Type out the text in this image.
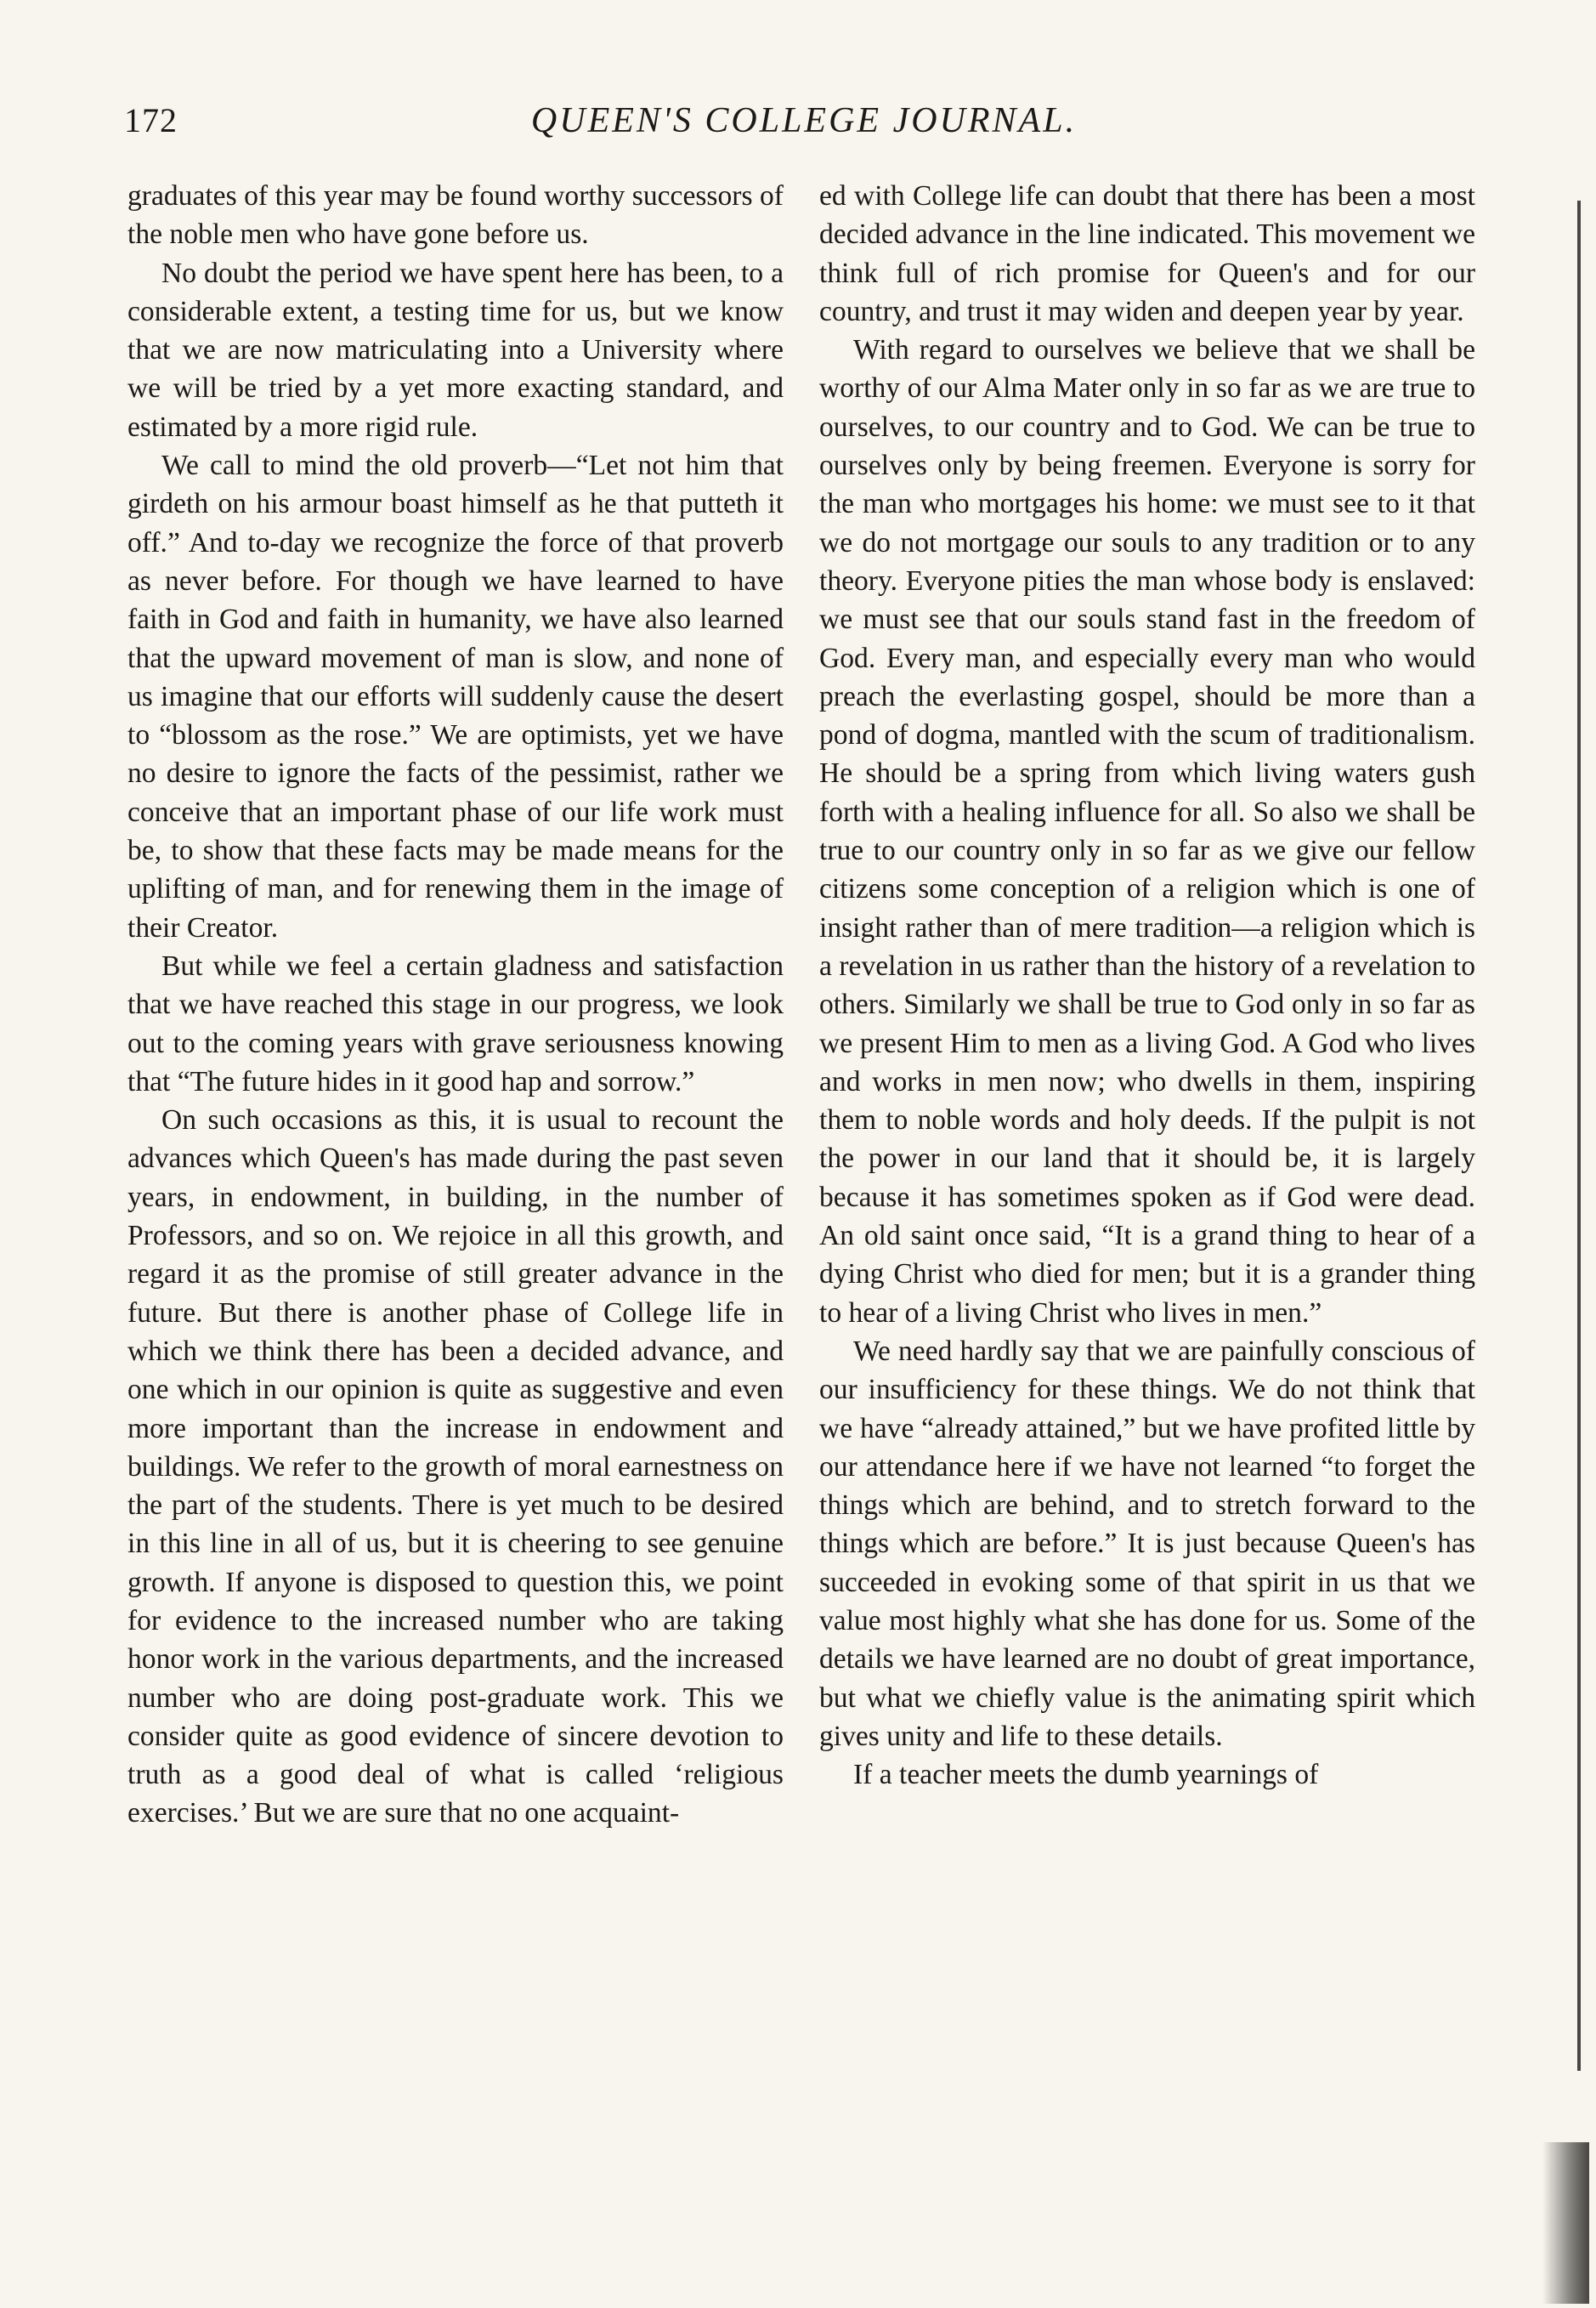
172	QUEEN'S COLLEGE JOURNAL.

graduates of this year may be found worthy successors of the noble men who have gone before us.

No doubt the period we have spent here has been, to a considerable extent, a testing time for us, but we know that we are now matriculating into a University where we will be tried by a yet more exacting standard, and estimated by a more rigid rule.

We call to mind the old proverb—“Let not him that girdeth on his armour boast himself as he that putteth it off.” And to-day we recognize the force of that proverb as never before. For though we have learned to have faith in God and faith in humanity, we have also learned that the upward movement of man is slow, and none of us imagine that our efforts will suddenly cause the desert to “blossom as the rose.” We are optimists, yet we have no desire to ignore the facts of the pessimist, rather we conceive that an important phase of our life work must be, to show that these facts may be made means for the uplifting of man, and for renewing them in the image of their Creator.

But while we feel a certain gladness and satisfaction that we have reached this stage in our progress, we look out to the coming years with grave seriousness knowing that “The future hides in it good hap and sorrow.”

On such occasions as this, it is usual to recount the advances which Queen's has made during the past seven years, in endowment, in building, in the number of Professors, and so on. We rejoice in all this growth, and regard it as the promise of still greater advance in the future. But there is another phase of College life in which we think there has been a decided advance, and one which in our opinion is quite as suggestive and even more important than the increase in endowment and buildings. We refer to the growth of moral earnestness on the part of the students. There is yet much to be desired in this line in all of us, but it is cheering to see genuine growth. If anyone is disposed to question this, we point for evidence to the increased number who are taking honor work in the various departments, and the increased number who are doing post-graduate work. This we consider quite as good evidence of sincere devotion to truth as a good deal of what is called ‘religious exercises.’ But we are sure that no one acquaint-

ed with College life can doubt that there has been a most decided advance in the line indicated. This movement we think full of rich promise for Queen's and for our country, and trust it may widen and deepen year by year.

With regard to ourselves we believe that we shall be worthy of our Alma Mater only in so far as we are true to ourselves, to our country and to God. We can be true to ourselves only by being freemen. Everyone is sorry for the man who mortgages his home: we must see to it that we do not mortgage our souls to any tradition or to any theory. Everyone pities the man whose body is enslaved: we must see that our souls stand fast in the freedom of God. Every man, and especially every man who would preach the everlasting gospel, should be more than a pond of dogma, mantled with the scum of traditionalism. He should be a spring from which living waters gush forth with a healing influence for all. So also we shall be true to our country only in so far as we give our fellow citizens some conception of a religion which is one of insight rather than of mere tradition—a religion which is a revelation in us rather than the history of a revelation to others. Similarly we shall be true to God only in so far as we present Him to men as a living God. A God who lives and works in men now; who dwells in them, inspiring them to noble words and holy deeds. If the pulpit is not the power in our land that it should be, it is largely because it has sometimes spoken as if God were dead. An old saint once said, “It is a grand thing to hear of a dying Christ who died for men; but it is a grander thing to hear of a living Christ who lives in men.”

We need hardly say that we are painfully conscious of our insufficiency for these things. We do not think that we have “already attained,” but we have profited little by our attendance here if we have not learned “to forget the things which are behind, and to stretch forward to the things which are before.” It is just because Queen's has succeeded in evoking some of that spirit in us that we value most highly what she has done for us. Some of the details we have learned are no doubt of great importance, but what we chiefly value is the animating spirit which gives unity and life to these details.

If a teacher meets the dumb yearnings of
